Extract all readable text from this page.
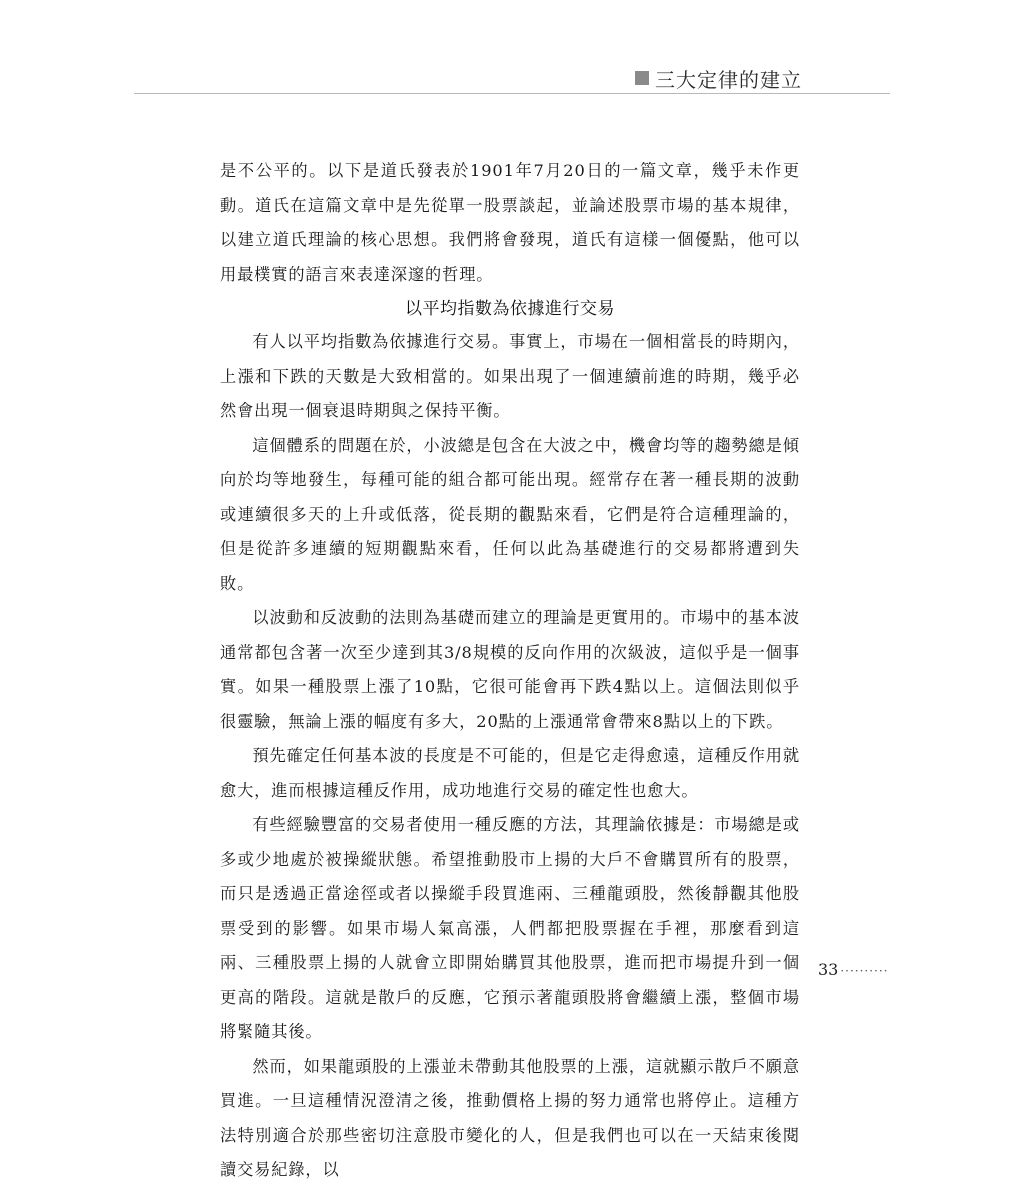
三大定律的建立

是不公平的。以下是道氏發表於1901年7月20日的一篇文章，幾乎未作更動。道氏在這篇文章中是先從單一股票談起，並論述股票市場的基本規律，以建立道氏理論的核心思想。我們將會發現，道氏有這樣一個優點，他可以用最樸實的語言來表達深邃的哲理。

以平均指數為依據進行交易

有人以平均指數為依據進行交易。事實上，市場在一個相當長的時期內，上漲和下跌的天數是大致相當的。如果出現了一個連續前進的時期，幾乎必然會出現一個衰退時期與之保持平衡。

這個體系的問題在於，小波總是包含在大波之中，機會均等的趨勢總是傾向於均等地發生，每種可能的組合都可能出現。經常存在著一種長期的波動或連續很多天的上升或低落，從長期的觀點來看，它們是符合這種理論的，但是從許多連續的短期觀點來看，任何以此為基礎進行的交易都將遭到失敗。

以波動和反波動的法則為基礎而建立的理論是更實用的。市場中的基本波通常都包含著一次至少達到其3/8規模的反向作用的次級波，這似乎是一個事實。如果一種股票上漲了10點，它很可能會再下跌4點以上。這個法則似乎很靈驗，無論上漲的幅度有多大，20點的上漲通常會帶來8點以上的下跌。

預先確定任何基本波的長度是不可能的，但是它走得愈遠，這種反作用就愈大，進而根據這種反作用，成功地進行交易的確定性也愈大。

有些經驗豐富的交易者使用一種反應的方法，其理論依據是：市場總是或多或少地處於被操縱狀態。希望推動股市上揚的大戶不會購買所有的股票，而只是透過正當途徑或者以操縱手段買進兩、三種龍頭股，然後靜觀其他股票受到的影響。如果市場人氣高漲，人們都把股票握在手裡，那麼看到這兩、三種股票上揚的人就會立即開始購買其他股票，進而把市場提升到一個更高的階段。這就是散戶的反應，它預示著龍頭股將會繼續上漲，整個市場將緊隨其後。

然而，如果龍頭股的上漲並未帶動其他股票的上漲，這就顯示散戶不願意買進。一旦這種情況澄清之後，推動價格上揚的努力通常也將停止。這種方法特別適合於那些密切注意股市變化的人，但是我們也可以在一天結束後閱讀交易紀錄，以

33 ··········
